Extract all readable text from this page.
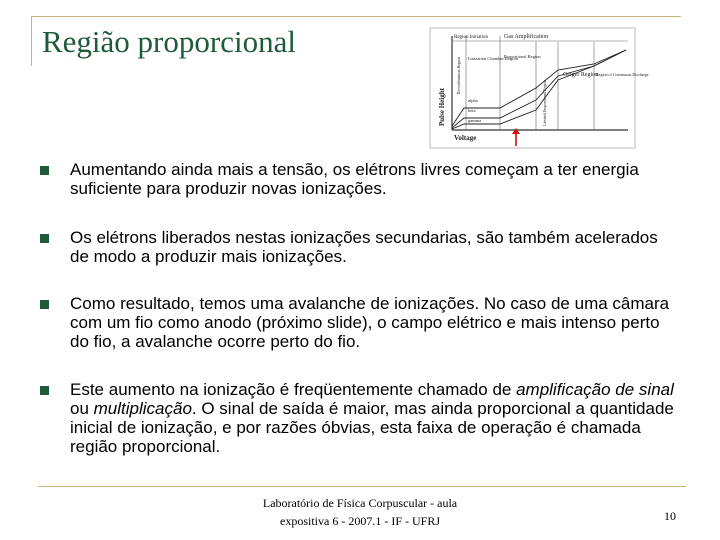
Região proporcional	Region Initiation	Gas Amplification
Pulse Height
Voltage
Recombination Region Ionization Chamber Region
Proportional Region
Limited Proportional Region
Geiger Region
Region of Continuous Discharge
alpha
beta
gamma
Aumentando ainda mais a tensão, os elétrons livres começam a ter energia suficiente para produzir novas ionizações.
Os elétrons liberados nestas ionizações secundarias, são também acelerados de modo a produzir mais ionizações.
Como resultado, temos uma avalanche de ionizações. No caso de uma câmara com um fio como anodo (próximo slide), o campo elétrico e mais intenso perto do fio, a avalanche ocorre perto do fio.
Este aumento na ionização é freqüentemente chamado de amplificação de sinal ou multiplicação. O sinal de saída é maior, mas ainda proporcional a quantidade inicial de ionização, e por razões óbvias, esta faixa de operação é chamada região proporcional.
Laboratório de Física Corpuscular - aula
expositiva 6 - 2007.1 - IF - UFRJ	10
